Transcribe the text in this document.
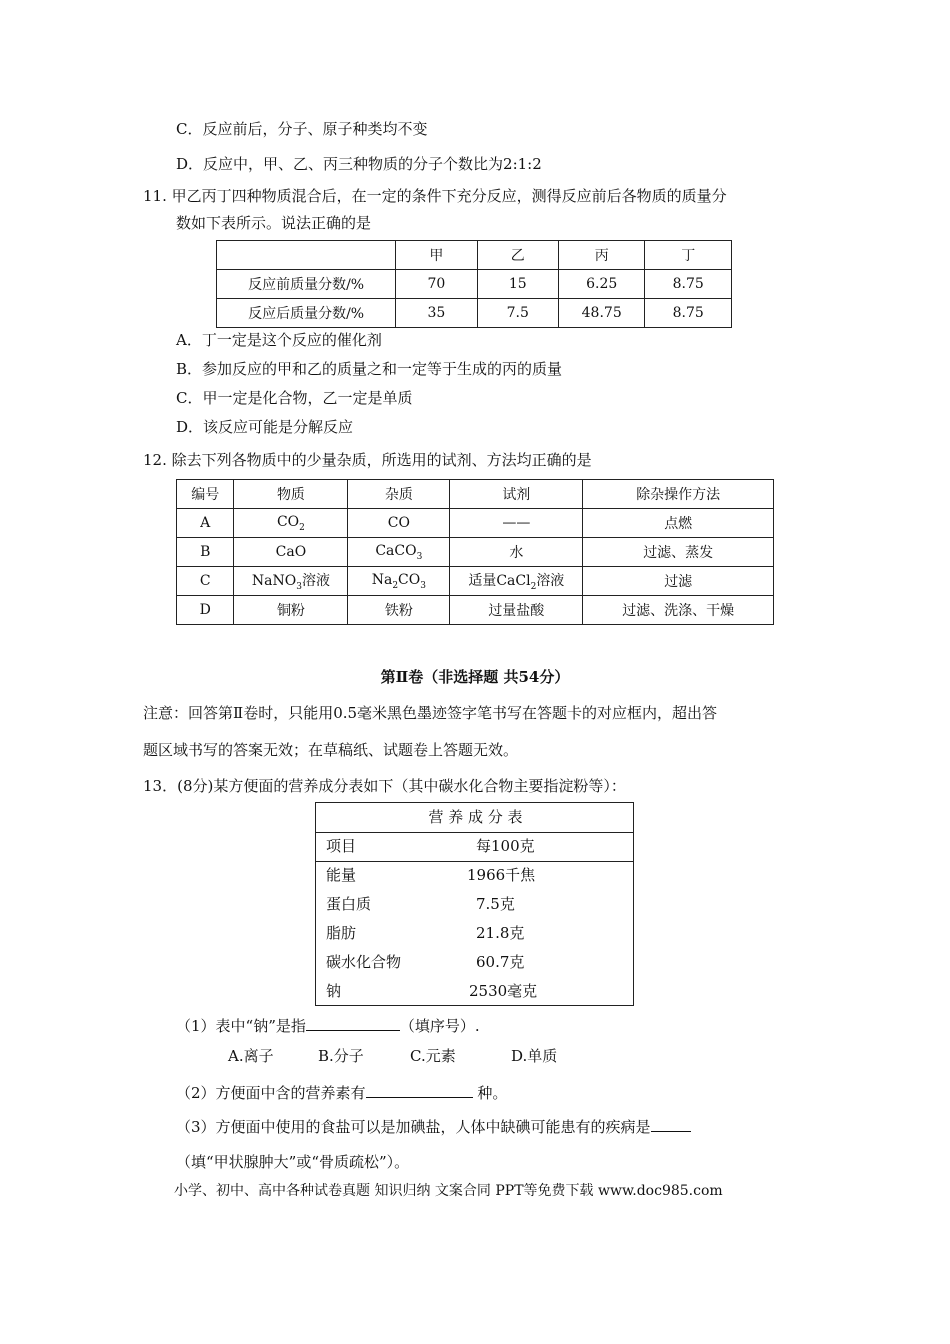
C．反应前后，分子、原子种类均不变
D．反应中，甲、乙、丙三种物质的分子个数比为2:1:2
11. 甲乙丙丁四种物质混合后，在一定的条件下充分反应，测得反应前后各物质的质量分
数如下表所示。说法正确的是
	甲	乙	丙	丁
反应前质量分数/%	70	15	6.25	8.75
反应后质量分数/%	35	7.5	48.75	8.75
A．丁一定是这个反应的催化剂
B．参加反应的甲和乙的质量之和一定等于生成的丙的质量
C．甲一定是化合物，乙一定是单质
D．该反应可能是分解反应
12. 除去下列各物质中的少量杂质，所选用的试剂、方法均正确的是
编号	物质	杂质	试剂	除杂操作方法
A	$CO_2$	CO	——	点燃
B	CaO	CaCO$_3$	水	过滤、蒸发
C	NaNO$_3$溶液	$Na_2CO_3$	适量CaCl$_2$溶液	过滤
D	铜粉	铁粉	过量盐酸	过滤、洗涤、干燥
第Ⅱ卷（非选择题 共54分）
注意：回答第Ⅱ卷时，只能用0.5毫米黑色墨迹签字笔书写在答题卡的对应框内，超出答
题区域书写的答案无效；在草稿纸、试题卷上答题无效。
13．(8分)某方便面的营养成分表如下（其中碳水化合物主要指淀粉等）：
营 养 成 分 表
项目	每100克
能量	1966千焦
蛋白质	7.5克
脂肪	21.8克
碳水化合物	60.7克
钠	2530毫克
（1）表中“钠”是指	（填序号）.
A.离子	B.分子	C.元素	D.单质
（2）方便面中含的营养素有	种。
（3）方便面中使用的食盐可以是加碘盐，人体中缺碘可能患有的疾病是
（填“甲状腺肿大”或“骨质疏松”）。
小学、初中、高中各种试卷真题 知识归纳 文案合同 PPT等免费下载 www.doc985.com
